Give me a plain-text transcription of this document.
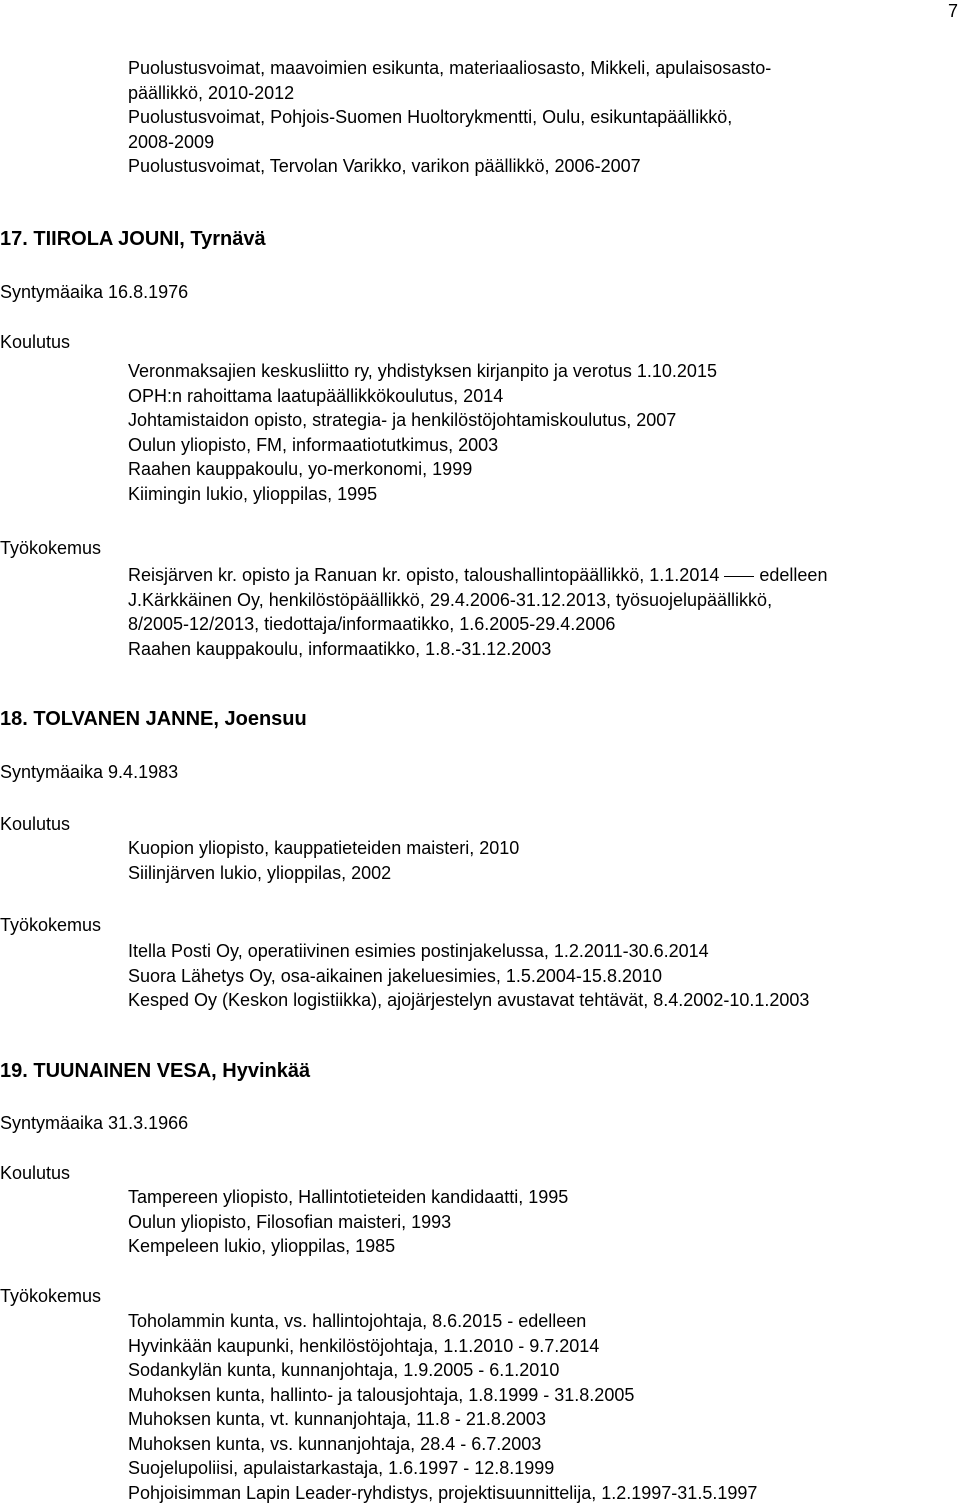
7
Puolustusvoimat, maavoimien esikunta, materiaaliosasto, Mikkeli, apulaisosasto-
päällikkö, 2010-2012
Puolustusvoimat, Pohjois-Suomen Huoltorykmentti, Oulu, esikuntapäällikkö,
2008-2009
Puolustusvoimat, Tervolan Varikko, varikon päällikkö, 2006-2007
17. TIIROLA JOUNI, Tyrnävä
Syntymäaika 16.8.1976
Koulutus
Veronmaksajien keskusliitto ry, yhdistyksen kirjanpito ja verotus 1.10.2015
OPH:n rahoittama laatupäällikkökoulutus, 2014
Johtamistaidon opisto, strategia- ja henkilöstöjohtamiskoulutus, 2007
Oulun yliopisto, FM, informaatiotutkimus, 2003
Raahen kauppakoulu, yo-merkonomi, 1999
Kiimingin lukio, ylioppilas, 1995
Työkokemus
Reisjärven kr. opisto ja Ranuan kr. opisto, taloushallintopäällikkö, 1.1.2014 edelleen
J.Kärkkäinen Oy, henkilöstöpäällikkö, 29.4.2006-31.12.2013, työsuojelupäällikkö,
8/2005-12/2013, tiedottaja/informaatikko, 1.6.2005-29.4.2006
Raahen kauppakoulu, informaatikko, 1.8.-31.12.2003
18. TOLVANEN JANNE, Joensuu
Syntymäaika 9.4.1983
Koulutus
Kuopion yliopisto, kauppatieteiden maisteri, 2010
Siilinjärven lukio, ylioppilas, 2002
Työkokemus
Itella Posti Oy, operatiivinen esimies postinjakelussa, 1.2.2011-30.6.2014
Suora Lähetys Oy, osa-aikainen jakeluesimies, 1.5.2004-15.8.2010
Kesped Oy (Keskon logistiikka), ajojärjestelyn avustavat tehtävät, 8.4.2002-10.1.2003
19. TUUNAINEN VESA, Hyvinkää
Syntymäaika 31.3.1966
Koulutus
Tampereen yliopisto, Hallintotieteiden kandidaatti, 1995
Oulun yliopisto, Filosofian maisteri, 1993
Kempeleen lukio, ylioppilas, 1985
Työkokemus
Toholammin kunta, vs. hallintojohtaja, 8.6.2015 - edelleen
Hyvinkään kaupunki, henkilöstöjohtaja, 1.1.2010 - 9.7.2014
Sodankylän kunta, kunnanjohtaja, 1.9.2005 - 6.1.2010
Muhoksen kunta, hallinto- ja talousjohtaja, 1.8.1999 - 31.8.2005
Muhoksen kunta, vt. kunnanjohtaja, 11.8 - 21.8.2003
Muhoksen kunta, vs. kunnanjohtaja, 28.4 - 6.7.2003
Suojelupoliisi, apulaistarkastaja, 1.6.1997 - 12.8.1999
Pohjoisimman Lapin Leader-ryhdistys, projektisuunnittelija, 1.2.1997-31.5.1997
